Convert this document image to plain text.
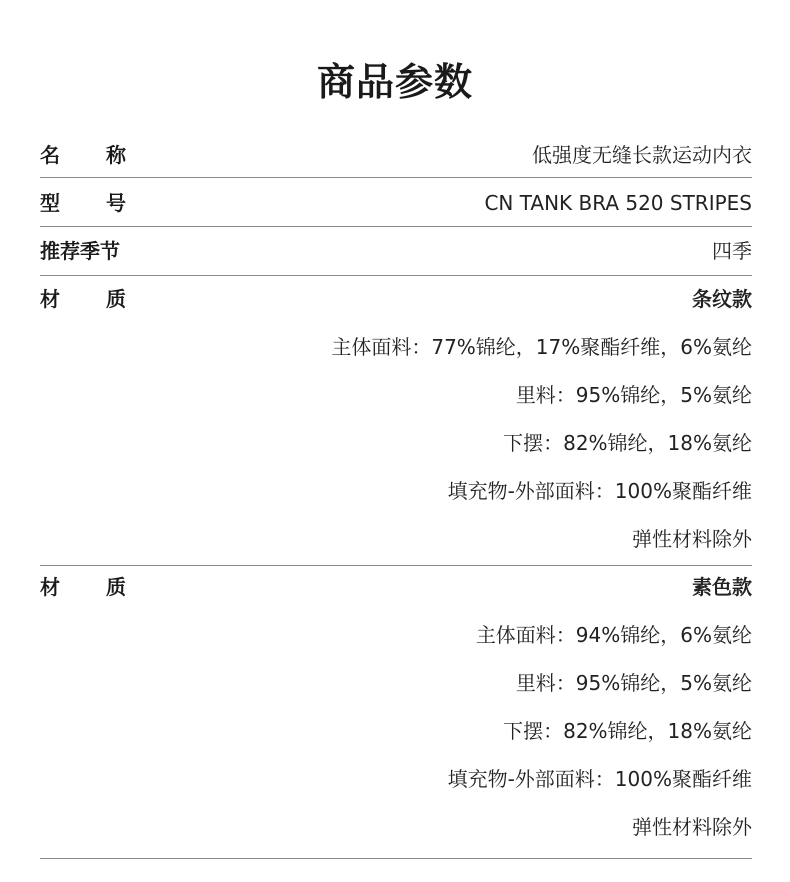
商品参数
名 称	低强度无缝长款运动内衣
型 号	CN TANK BRA 520 STRIPES
推荐季节	四季
材 质	条纹款
主体面料：77%锦纶，17%聚酯纤维，6%氨纶
里料：95%锦纶，5%氨纶
下摆：82%锦纶，18%氨纶
填充物-外部面料：100%聚酯纤维
弹性材料除外
材 质	素色款
主体面料：94%锦纶，6%氨纶
里料：95%锦纶，5%氨纶
下摆：82%锦纶，18%氨纶
填充物-外部面料：100%聚酯纤维
弹性材料除外
